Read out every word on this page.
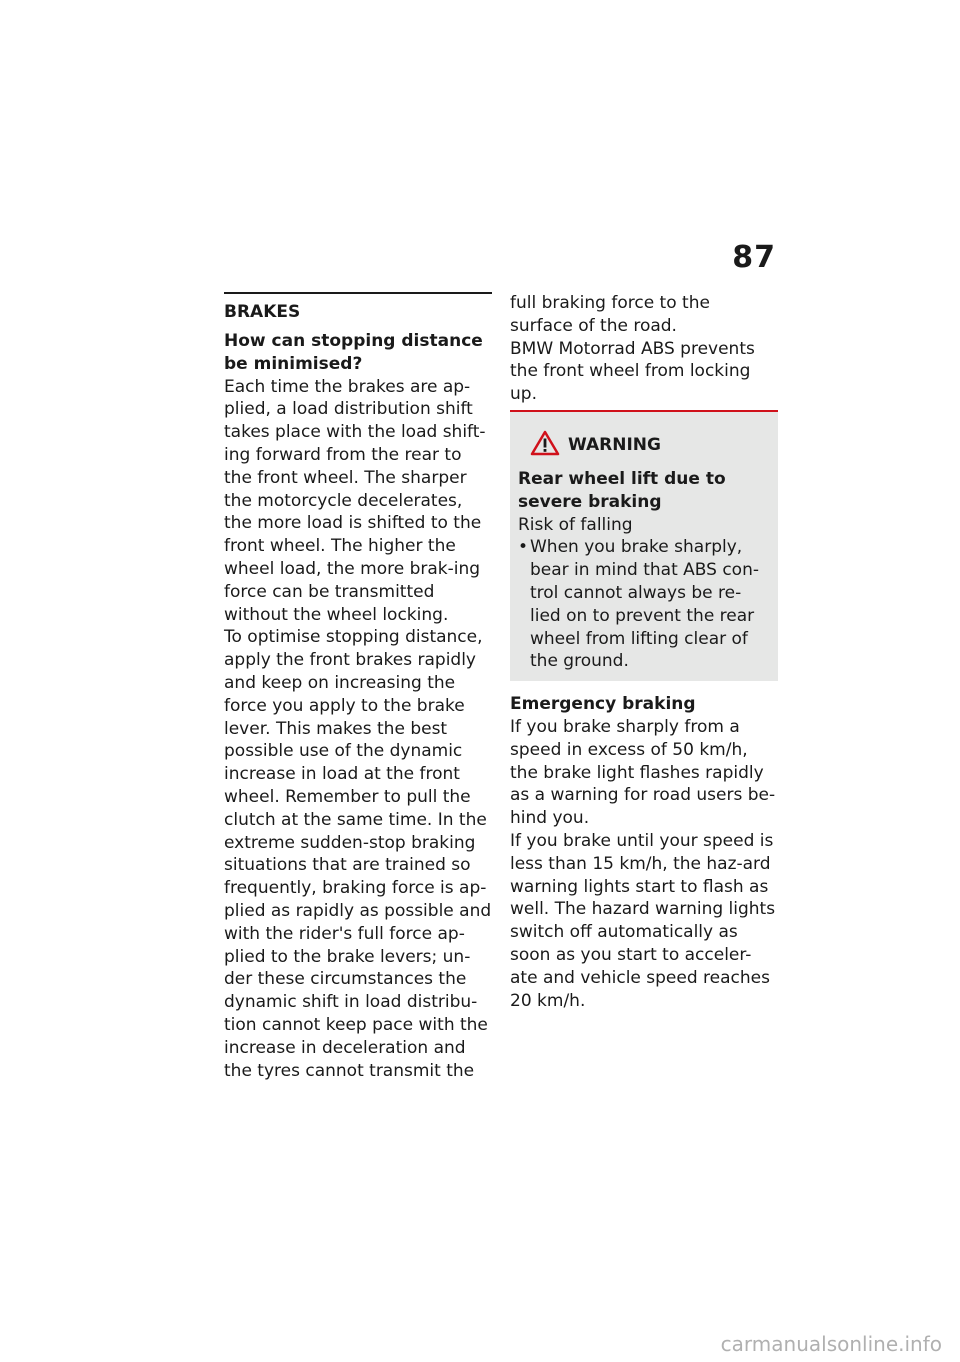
87
BRAKES
How can stopping distance be minimised?

Each time the brakes are ap-plied, a load distribution shift takes place with the load shift-ing forward from the rear to the front wheel. The sharper the motorcycle decelerates, the more load is shifted to the front wheel. The higher the wheel load, the more brak-ing force can be transmitted without the wheel locking.

To optimise stopping distance, apply the front brakes rapidly and keep on increasing the force you apply to the brake lever. This makes the best possible use of the dynamic increase in load at the front wheel. Remember to pull the clutch at the same time. In the extreme sudden-stop braking situations that are trained so frequently, braking force is ap-plied as rapidly as possible and with the rider's full force ap-plied to the brake levers; un-der these circumstances the dynamic shift in load distribu-tion cannot keep pace with the increase in deceleration and the tyres cannot transmit the

full braking force to the surface of the road.

BMW Motorrad ABS prevents the front wheel from locking up.

WARNING

Rear wheel lift due to severe braking

Risk of falling

• When you brake sharply, bear in mind that ABS con-trol cannot always be re-lied on to prevent the rear wheel from lifting clear of the ground.
Emergency braking

If you brake sharply from a speed in excess of 50 km/h, the brake light flashes rapidly as a warning for road users be-hind you.

If you brake until your speed is less than 15 km/h, the haz-ard warning lights start to flash as well. The hazard warning lights switch off automatically as soon as you start to acceler-ate and vehicle speed reaches 20 km/h.

carmanualsonline.info
